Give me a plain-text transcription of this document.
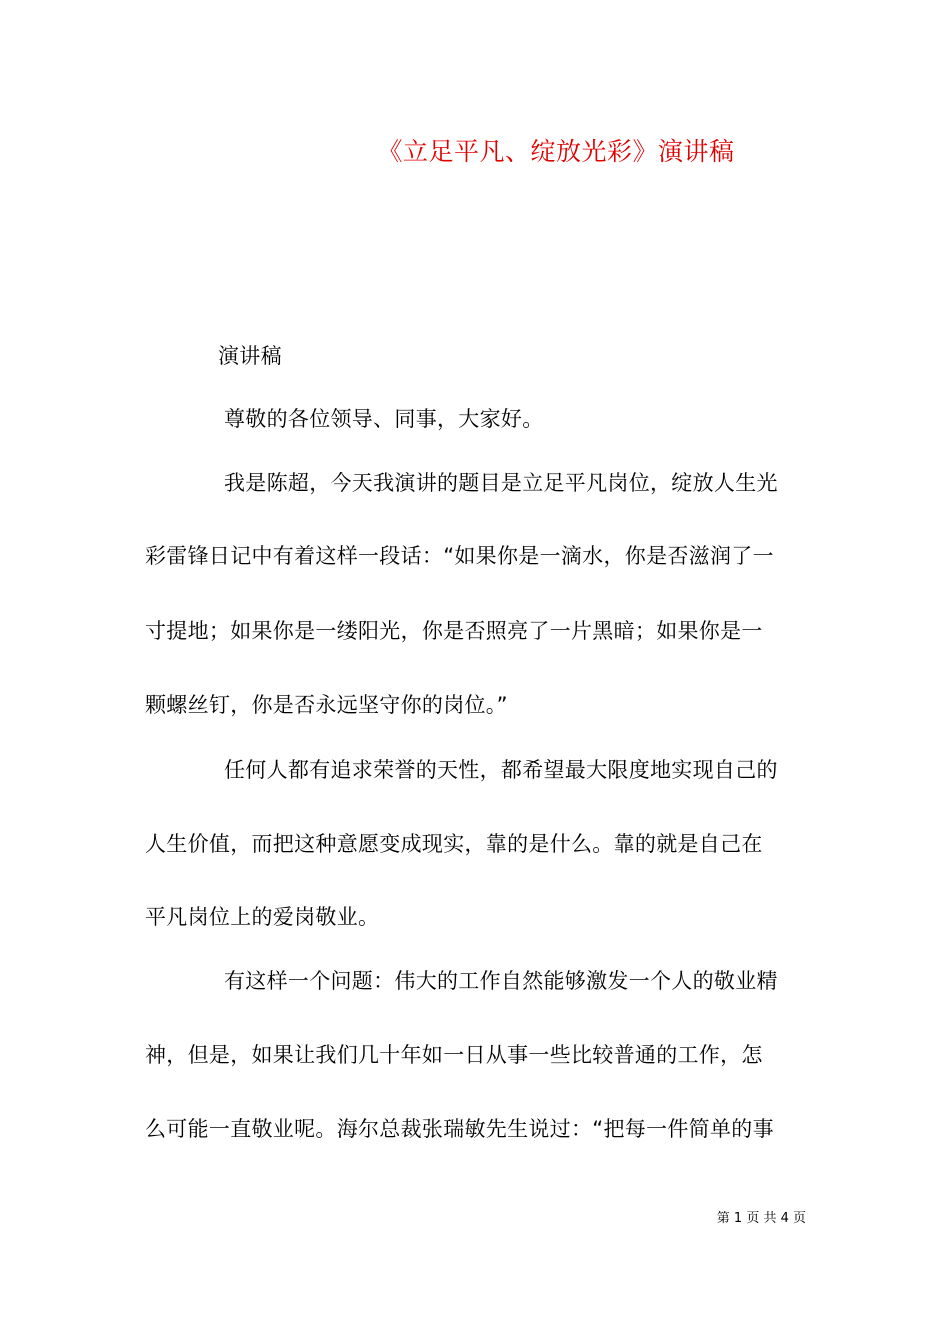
《立足平凡、绽放光彩》演讲稿
演讲稿
尊敬的各位领导、同事，大家好。
我是陈超，今天我演讲的题目是立足平凡岗位，绽放人生光
彩雷锋日记中有着这样一段话：“如果你是一滴水，你是否滋润了一
寸提地；如果你是一缕阳光，你是否照亮了一片黑暗；如果你是一
颗螺丝钉，你是否永远坚守你的岗位。”
任何人都有追求荣誉的天性，都希望最大限度地实现自己的
人生价值，而把这种意愿变成现实，靠的是什么。靠的就是自己在
平凡岗位上的爱岗敬业。
有这样一个问题：伟大的工作自然能够激发一个人的敬业精
神，但是，如果让我们几十年如一日从事一些比较普通的工作，怎
么可能一直敬业呢。海尔总裁张瑞敏先生说过：“把每一件简单的事
第 1 页 共 4 页
